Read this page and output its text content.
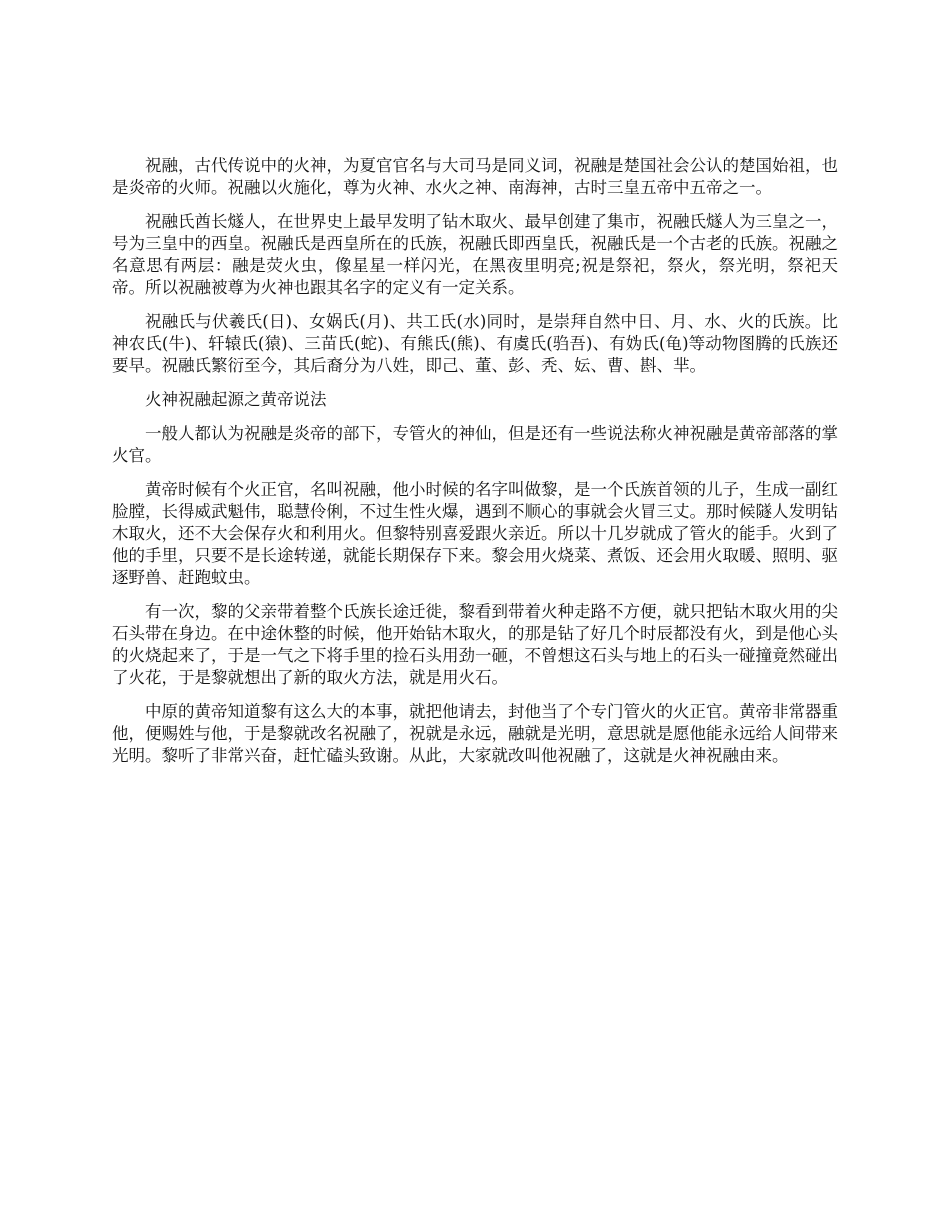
祝融，古代传说中的火神，为夏官官名与大司马是同义词，祝融是楚国社会公认的楚国始祖，也是炎帝的火师。祝融以火施化，尊为火神、水火之神、南海神，古时三皇五帝中五帝之一。

祝融氏酋长燧人，在世界史上最早发明了钻木取火、最早创建了集市，祝融氏燧人为三皇之一，号为三皇中的西皇。祝融氏是西皇所在的氏族，祝融氏即西皇氏，祝融氏是一个古老的氏族。祝融之名意思有两层：融是荧火虫，像星星一样闪光，在黑夜里明亮;祝是祭祀，祭火，祭光明，祭祀天帝。所以祝融被尊为火神也跟其名字的定义有一定关系。

祝融氏与伏羲氏(日)、女娲氏(月)、共工氏(水)同时，是崇拜自然中日、月、水、火的氏族。比神农氏(牛)、轩辕氏(猿)、三苗氏(蛇)、有熊氏(熊)、有虞氏(驺吾)、有妫氏(龟)等动物图腾的氏族还要早。祝融氏繁衍至今，其后裔分为八姓，即己、董、彭、秃、妘、曹、斟、芈。

火神祝融起源之黄帝说法

一般人都认为祝融是炎帝的部下，专管火的神仙，但是还有一些说法称火神祝融是黄帝部落的掌火官。

黄帝时候有个火正官，名叫祝融，他小时候的名字叫做黎，是一个氏族首领的儿子，生成一副红脸膛，长得威武魁伟，聪慧伶俐，不过生性火爆，遇到不顺心的事就会火冒三丈。那时候隧人发明钻木取火，还不大会保存火和利用火。但黎特别喜爱跟火亲近。所以十几岁就成了管火的能手。火到了他的手里，只要不是长途转递，就能长期保存下来。黎会用火烧菜、煮饭、还会用火取暖、照明、驱逐野兽、赶跑蚊虫。

有一次，黎的父亲带着整个氏族长途迁徙，黎看到带着火种走路不方便，就只把钻木取火用的尖石头带在身边。在中途休整的时候，他开始钻木取火，的那是钻了好几个时辰都没有火，到是他心头的火烧起来了，于是一气之下将手里的捡石头用劲一砸，不曾想这石头与地上的石头一碰撞竟然碰出了火花，于是黎就想出了新的取火方法，就是用火石。

中原的黄帝知道黎有这么大的本事，就把他请去，封他当了个专门管火的火正官。黄帝非常器重他，便赐姓与他，于是黎就改名祝融了，祝就是永远，融就是光明，意思就是愿他能永远给人间带来光明。黎听了非常兴奋，赶忙磕头致谢。从此，大家就改叫他祝融了，这就是火神祝融由来。
